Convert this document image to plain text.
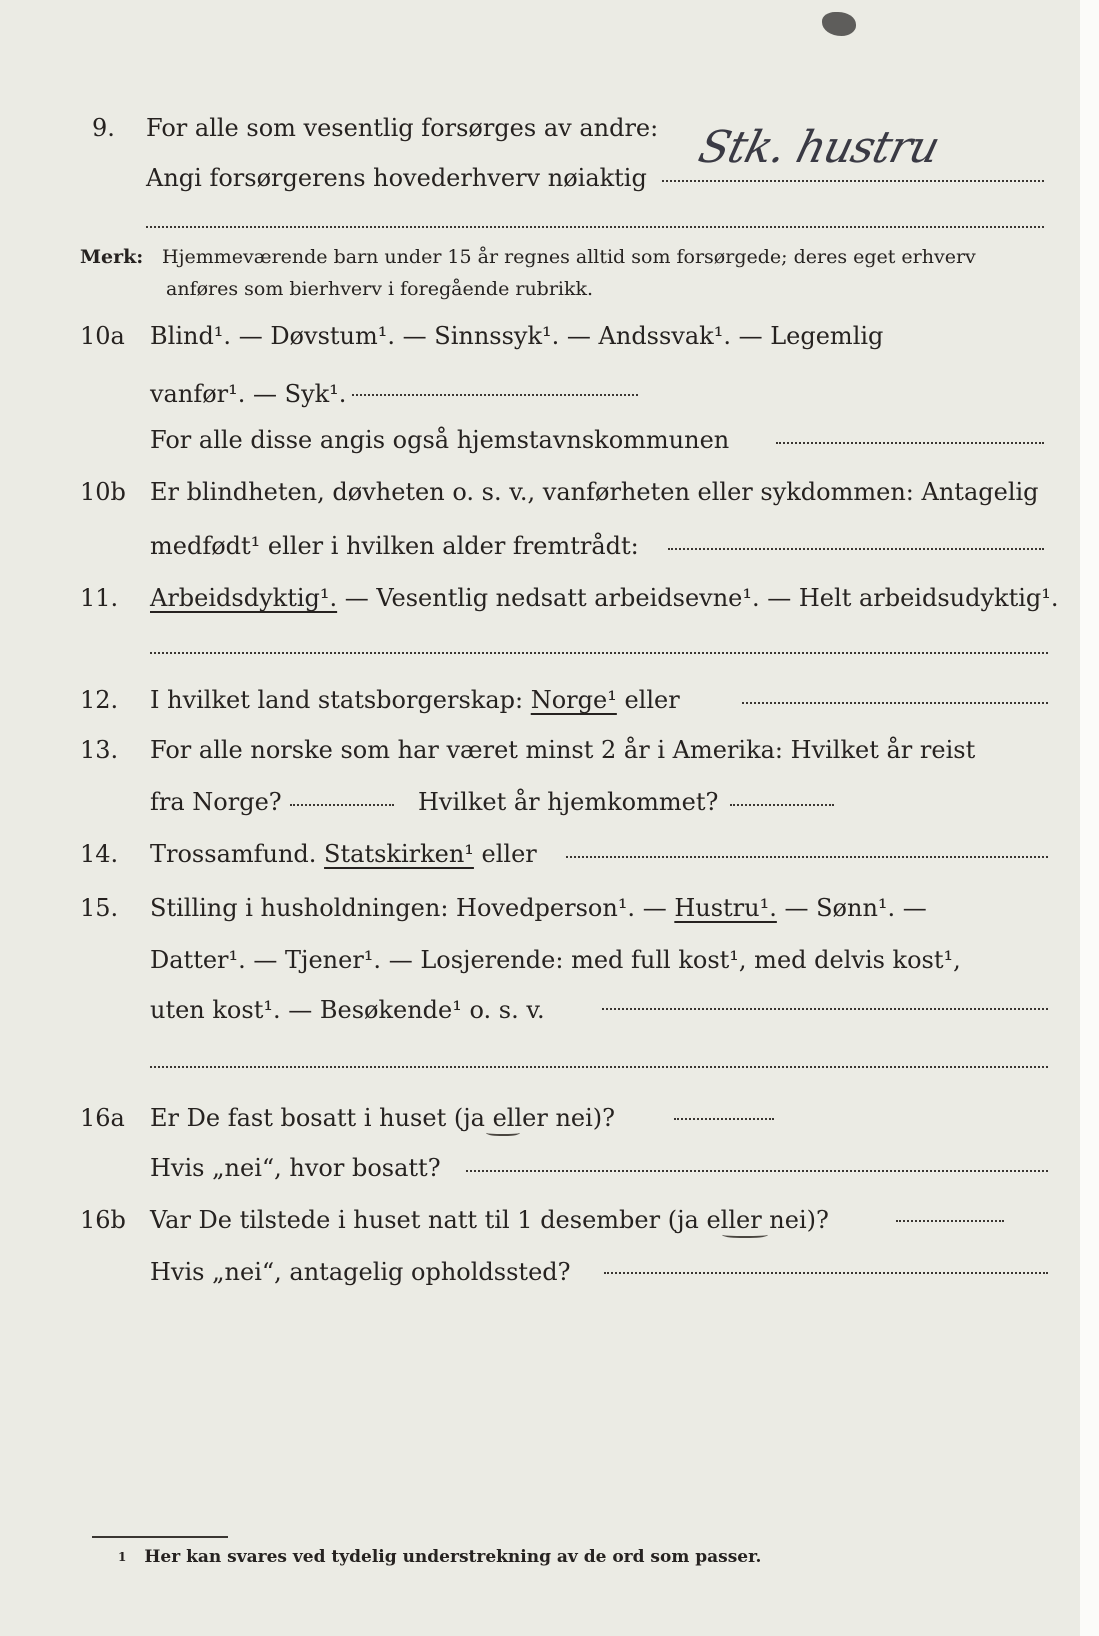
9. For alle som vesentlig forsørges av andre:
Angi forsørgerens hovederhverv nøiaktig
Stk. hustru
Merk: Hjemmeværende barn under 15 år regnes alltid som forsørgede; deres eget erhverv
anføres som bierhverv i foregående rubrikk.
10a Blind¹. — Døvstum¹. — Sinnssyk¹. — Andssvak¹. — Legemlig
vanfør¹. — Syk¹.
For alle disse angis også hjemstavnskommunen
10b Er blindheten, døvheten o. s. v., vanførheten eller sykdommen: Antagelig
medfødt¹ eller i hvilken alder fremtrådt:
11. Arbeidsdyktig¹. — Vesentlig nedsatt arbeidsevne¹. — Helt arbeidsudyktig¹.
12. I hvilket land statsborgerskap: Norge¹ eller
13. For alle norske som har været minst 2 år i Amerika: Hvilket år reist
fra Norge?	Hvilket år hjemkommet?
14. Trossamfund. Statskirken¹ eller
15. Stilling i husholdningen: Hovedperson¹. — Hustru¹. — Sønn¹. —
Datter¹. — Tjener¹. — Losjerende: med full kost¹, med delvis kost¹,
uten kost¹. — Besøkende¹ o. s. v.
16a Er De fast bosatt i huset (ja eller nei)?
Hvis „nei“, hvor bosatt?
16b Var De tilstede i huset natt til 1 desember (ja eller nei)?
Hvis „nei“, antagelig opholdssted?
$^1$ Her kan svares ved tydelig understrekning av de ord som passer.
